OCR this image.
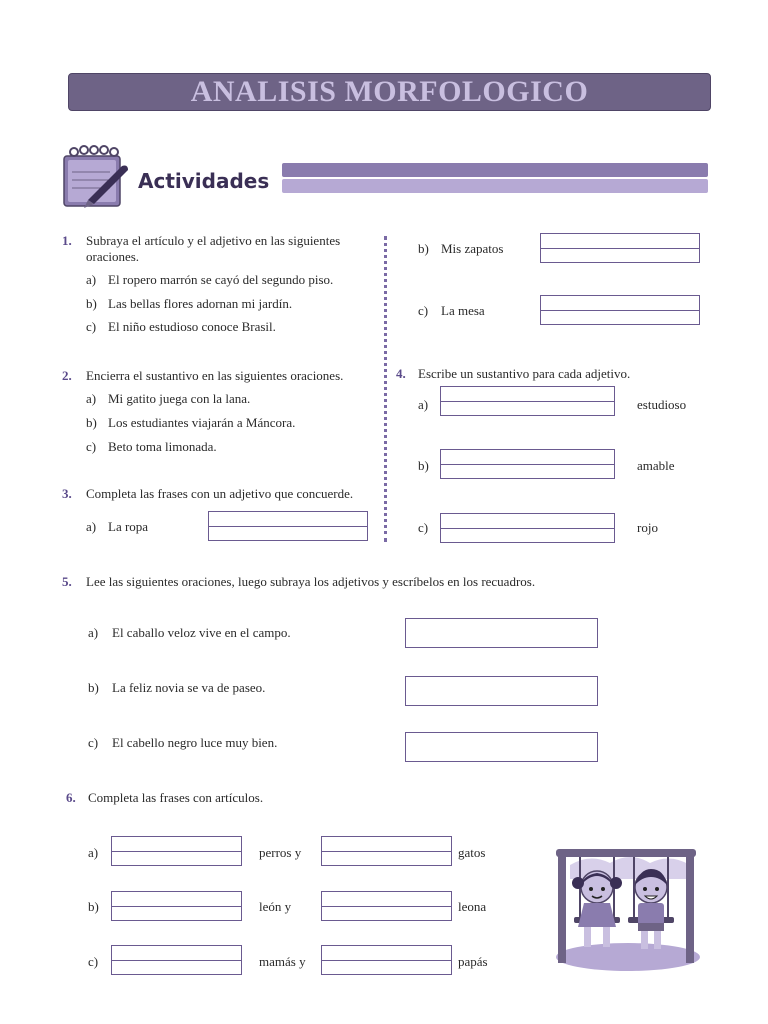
ANALISIS MORFOLOGICO
Actividades
1. Subraya el artículo y el adjetivo en las siguientes
oraciones.
a) El ropero marrón se cayó del segundo piso.
b) Las bellas flores adornan mi jardín.
c) El niño estudioso conoce Brasil.
2. Encierra el sustantivo en las siguientes oraciones.
a) Mi gatito juega con la lana.
b) Los estudiantes viajarán a Máncora.
c) Beto toma limonada.
3. Completa las frases con un adjetivo que concuerde.
a) La ropa
b) Mis zapatos
c) La mesa
4. Escribe un sustantivo para cada adjetivo.
a)	estudioso
b)	amable
c)	rojo
5. Lee las siguientes oraciones, luego subraya los adjetivos y escríbelos en los recuadros.
a) El caballo veloz vive en el campo.
b) La feliz novia se va de paseo.
c) El cabello negro luce muy bien.
6. Completa las frases con artículos.
a)	perros y	gatos
b)	león y	leona
c)	mamás y	papás
